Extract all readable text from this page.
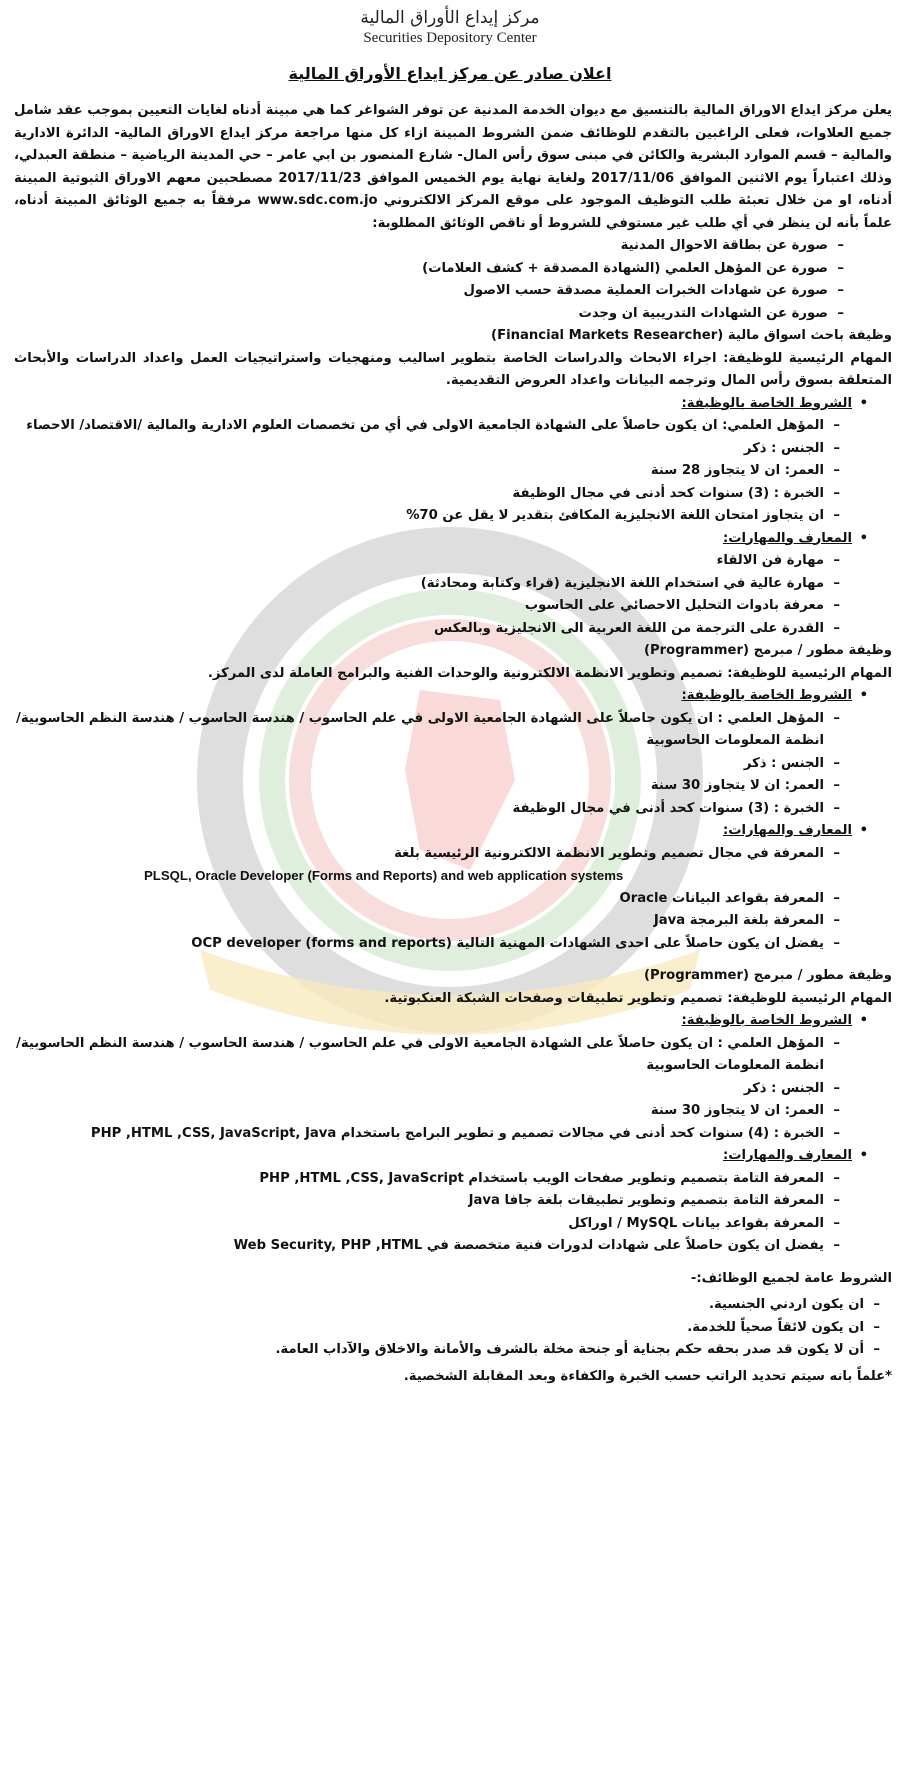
مركز إيداع الأوراق المالية
Securities Depository Center
اعلان صادر عن مركز ايداع الأوراق المالية

يعلن مركز ايداع الاوراق المالية بالتنسيق مع ديوان الخدمة المدنية عن توفر الشواغر كما هي مبينة أدناه لغايات التعيين بموجب عقد شامل جميع العلاوات، فعلى الراغبين بالتقدم للوظائف ضمن الشروط المبينة ازاء كل منها مراجعة مركز ايداع الاوراق المالية- الدائرة الادارية والمالية – قسم الموارد البشرية والكائن في مبنى سوق رأس المال- شارع المنصور بن ابي عامر – حي المدينة الرياضية – منطقة العبدلي، وذلك اعتباراً يوم الاثنين الموافق 2017/11/06 ولغاية نهاية يوم الخميس الموافق 2017/11/23 مصطحبين معهم الاوراق الثبوتية المبينة أدناه، او من خلال تعبئة طلب التوظيف الموجود على موقع المركز الالكتروني www.sdc.com.jo مرفقاً به جميع الوثائق المبينة أدناه، علماً بأنه لن ينظر في أي طلب غير مستوفي للشروط أو ناقص الوثائق المطلوبة:

– صورة عن بطاقة الاحوال المدنية
– صورة عن المؤهل العلمي (الشهادة المصدقة + كشف العلامات)
– صورة عن شهادات الخبرات العملية مصدقة حسب الاصول
– صورة عن الشهادات التدريبية ان وجدت

وظيفة باحث اسواق مالية (Financial Markets Researcher)

المهام الرئيسية للوظيفة: اجراء الابحاث والدراسات الخاصة بتطوير اساليب ومنهجيات واستراتيجيات العمل واعداد الدراسات والأبحاث المتعلقة بسوق رأس المال وترجمه البيانات واعداد العروض التقديمية.

• الشروط الخاصة بالوظيفة:
– المؤهل العلمي: ان يكون حاصلاً على الشهادة الجامعية الاولى في أي من تخصصات العلوم الادارية والمالية /الاقتصاد/ الاحصاء
– الجنس : ذكر
– العمر: ان لا يتجاوز 28 سنة
– الخبرة : (3) سنوات كحد أدنى في مجال الوظيفة
– ان يتجاوز امتحان اللغة الانجليزية المكافئ بتقدير لا يقل عن 70%
• المعارف والمهارات:
– مهارة فن الالقاء
– مهارة عالية في استخدام اللغة الانجليزية (قراء وكتابة ومحادثة)
– معرفة بادوات التحليل الاحصائي على الحاسوب
– القدرة على الترجمة من اللغة العربية الى الانجليزية وبالعكس

وظيفة مطور / مبرمج (Programmer)

المهام الرئيسية للوظيفة: تصميم وتطوير الانظمة الالكترونية والوحدات الفنية والبرامج العاملة لدى المركز.

• الشروط الخاصة بالوظيفة:
– المؤهل العلمي : ان يكون حاصلاً على الشهادة الجامعية الاولى في علم الحاسوب / هندسة الحاسوب / هندسة النظم الحاسوبية/ انظمة المعلومات الحاسوبية
– الجنس : ذكر
– العمر: ان لا يتجاوز 30 سنة
– الخبرة : (3) سنوات كحد أدنى في مجال الوظيفة
• المعارف والمهارات:
– المعرفة في مجال تصميم وتطوير الانظمة الالكترونية الرئيسية بلغة
PLSQL, Oracle Developer (Forms and Reports) and web application systems
– المعرفة بقواعد البيانات Oracle
– المعرفة بلغة البرمجة Java
– يفضل ان يكون حاصلاً على احدى الشهادات المهنية التالية OCP developer (forms and reports)

وظيفة مطور / مبرمج (Programmer)

المهام الرئيسية للوظيفة: تصميم وتطوير تطبيقات وصفحات الشبكة العنكبوتية.

• الشروط الخاصة بالوظيفة:
– المؤهل العلمي : ان يكون حاصلاً على الشهادة الجامعية الاولى في علم الحاسوب / هندسة الحاسوب / هندسة النظم الحاسوبية/ انظمة المعلومات الحاسوبية
– الجنس : ذكر
– العمر: ان لا يتجاوز 30 سنة
– الخبرة : (4) سنوات كحد أدنى في مجالات تصميم و تطوير البرامج باستخدام PHP ,HTML ,CSS, JavaScript, Java
• المعارف والمهارات:
– المعرفة التامة بتصميم وتطوير صفحات الويب باستخدام PHP ,HTML ,CSS, JavaScript
– المعرفة التامة بتصميم وتطوير تطبيقات بلغة جافا Java
– المعرفة بقواعد بيانات MySQL / اوراكل
– يفضل ان يكون حاصلاً على شهادات لدورات فنية متخصصة في Web Security, PHP ,HTML

الشروط عامة لجميع الوظائف:-

– ان يكون اردني الجنسية.
– ان يكون لائقاً صحياً للخدمة.
– أن لا يكون قد صدر بحقه حكم بجناية أو جنحة مخلة بالشرف والأمانة والاخلاق والآداب العامة.

*علماً بانه سيتم تحديد الراتب حسب الخبرة والكفاءة وبعد المقابلة الشخصية.
